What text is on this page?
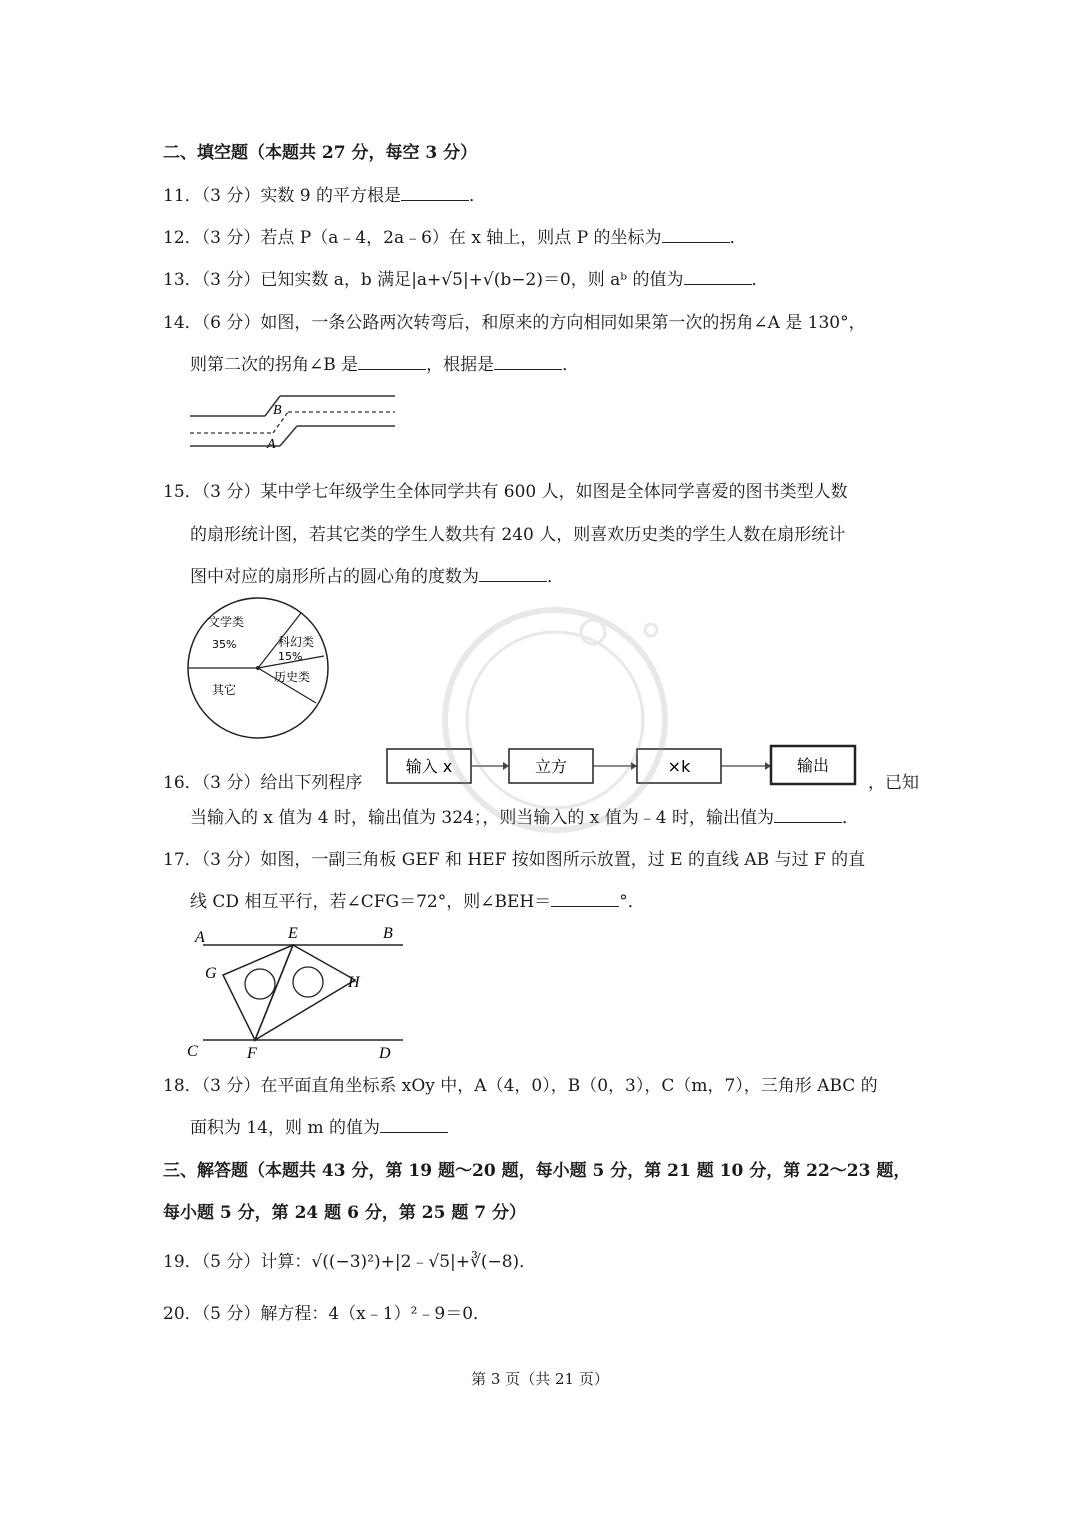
二、填空题（本题共 27 分，每空 3 分）
11．（3 分）实数 9 的平方根是	．
12．（3 分）若点 P（a﹣4，2a﹣6）在 x 轴上，则点 P 的坐标为	．
13．（3 分）已知实数 a，b 满足|a+√5|+√(b−2)＝0，则 aᵇ 的值为	．
14．（6 分）如图，一条公路两次转弯后，和原来的方向相同如果第一次的拐角∠A 是 130°，
则第二次的拐角∠B 是	，根据是	．
B
A
15．（3 分）某中学七年级学生全体同学共有 600 人，如图是全体同学喜爱的图书类型人数
的扇形统计图，若其它类的学生人数共有 240 人，则喜欢历史类的学生人数在扇形统计
图中对应的扇形所占的圆心角的度数为	．
文学类
35%	科幻类
15%
历史类
其它
16．（3 分）给出下列程序
输入 x	立方	×k	输出
，已知
当输入的 x 值为 4 时，输出值为 324；，则当输入的 x 值为﹣4 时，输出值为	．
17．（3 分）如图，一副三角板 GEF 和 HEF 按如图所示放置，过 E 的直线 AB 与过 F 的直
线 CD 相互平行，若∠CFG＝72°，则∠BEH＝	°．
A	E	B
G
H
C	F	D
18．（3 分）在平面直角坐标系 xOy 中，A（4，0），B（0，3），C（m，7），三角形 ABC 的
面积为 14，则 m 的值为
三、解答题（本题共 43 分，第 19 题～20 题，每小题 5 分，第 21 题 10 分，第 22～23 题，
每小题 5 分，第 24 题 6 分，第 25 题 7 分）
19．（5 分）计算：√((−3)²)+|2﹣√5|+∛(−8)．
20．（5 分）解方程：4（x﹣1）²﹣9＝0．
第 3 页（共 21 页）
